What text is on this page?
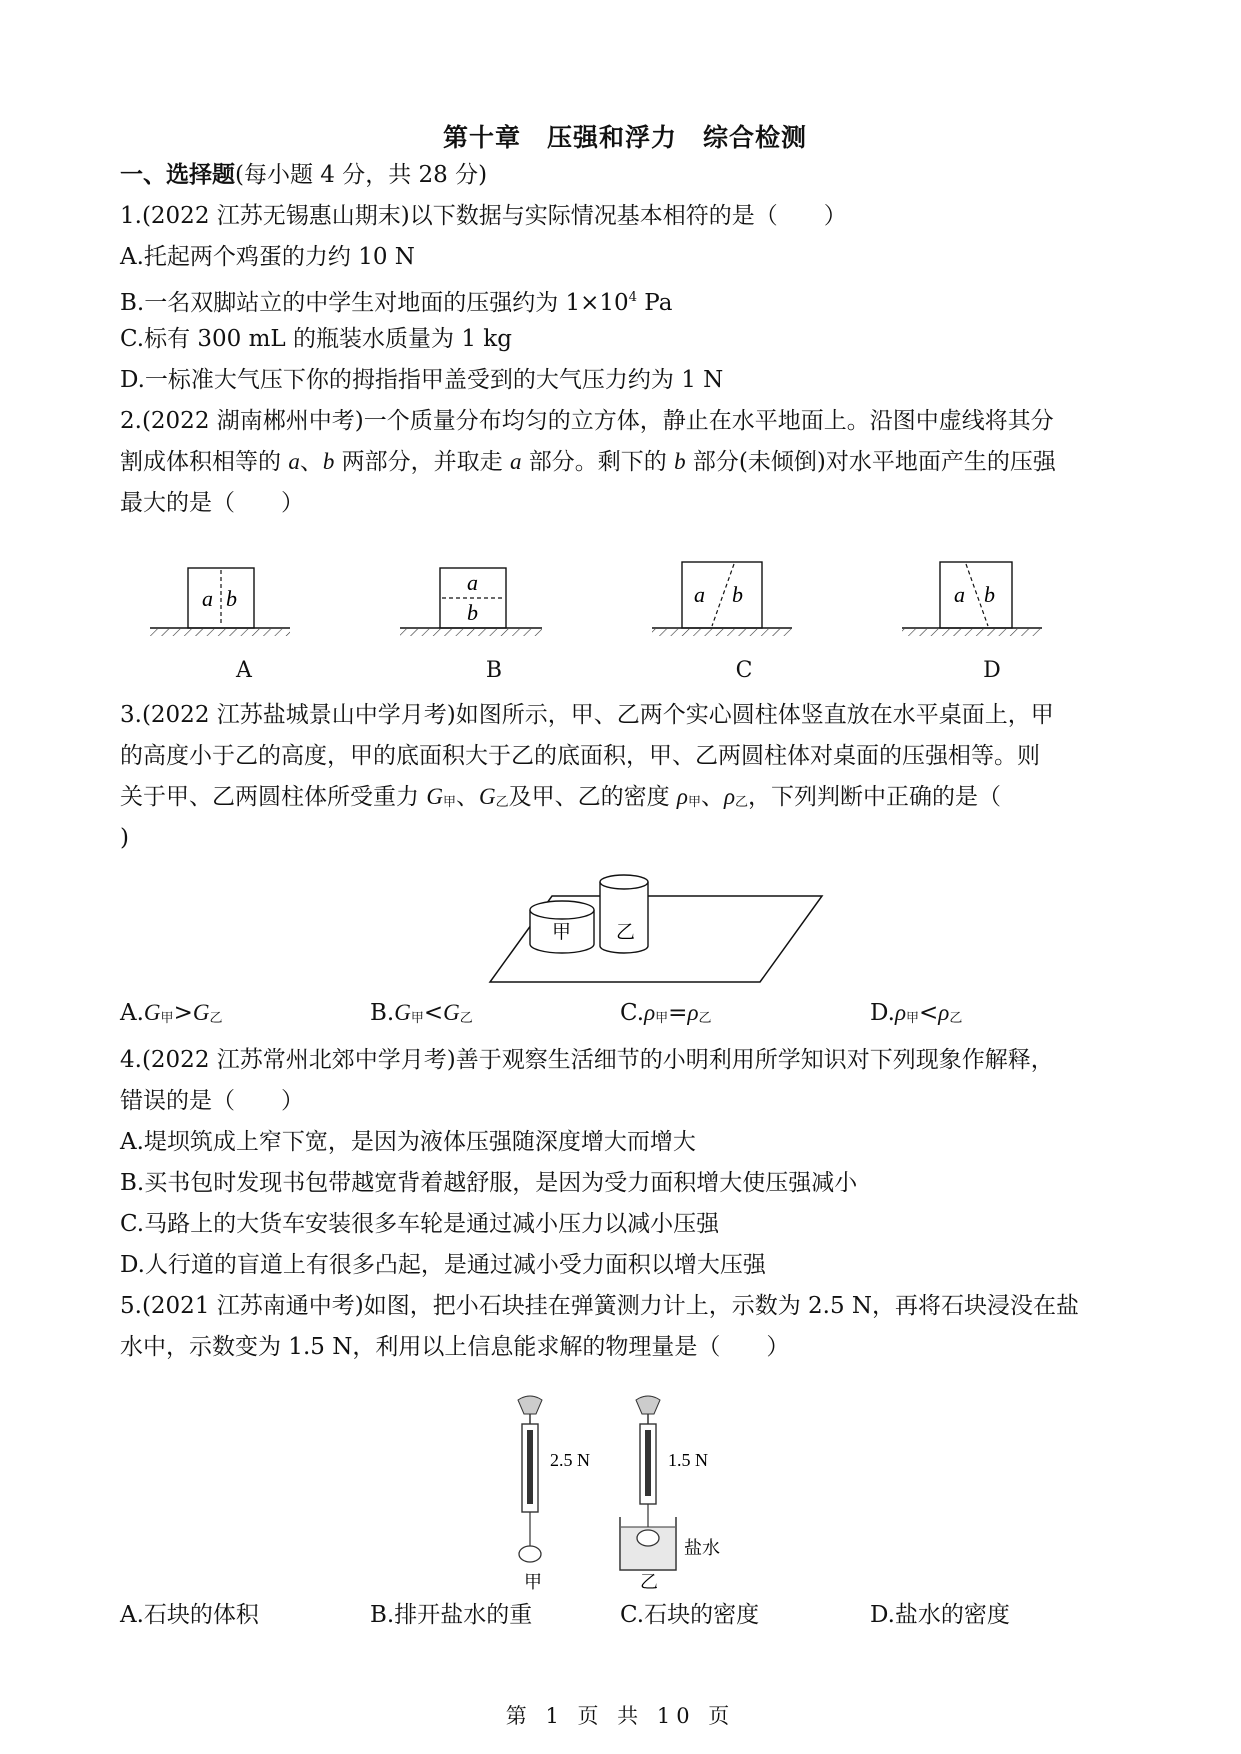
第十章　压强和浮力　综合检测
一、选择题(每小题 4 分，共 28 分)
1.(2022 江苏无锡惠山期末)以下数据与实际情况基本相符的是（　　）
A.托起两个鸡蛋的力约 10 N
B.一名双脚站立的中学生对地面的压强约为 $1\times 10^4$ Pa
C.标有 300 mL 的瓶装水质量为 1 kg
D.一标准大气压下你的拇指指甲盖受到的大气压力约为 1 N
2.(2022 湖南郴州中考)一个质量分布均匀的立方体，静止在水平地面上。沿图中虚线将其分
割成体积相等的 a、b 两部分，并取走 a 部分。剩下的 b 部分(未倾倒)对水平地面产生的压强
最大的是（　　）
a b
a
b
a b	a b
A	B	C	D
3.(2022 江苏盐城景山中学月考)如图所示，甲、乙两个实心圆柱体竖直放在水平桌面上，甲
的高度小于乙的高度，甲的底面积大于乙的底面积，甲、乙两圆柱体对桌面的压强相等。则
关于甲、乙两圆柱体所受重力 $G_甲$、$G_乙$及甲、乙的密度 $\rho_甲$、$\rho_乙$，下列判断中正确的是（
)
甲 乙
$A.G_甲>G_乙$	$B.G_甲<G_乙$	$C.\rho_甲=\rho_乙$	$D.\rho_甲<\rho_乙$
4.(2022 江苏常州北郊中学月考)善于观察生活细节的小明利用所学知识对下列现象作解释，
错误的是（　　）
A.堤坝筑成上窄下宽，是因为液体压强随深度增大而增大
B.买书包时发现书包带越宽背着越舒服，是因为受力面积增大使压强减小
C.马路上的大货车安装很多车轮是通过减小压力以减小压强
D.人行道的盲道上有很多凸起，是通过减小受力面积以增大压强
5.(2021 江苏南通中考)如图，把小石块挂在弹簧测力计上，示数为 2.5 N，再将石块浸没在盐
水中，示数变为 1.5 N，利用以上信息能求解的物理量是（　　）
2.5 N
甲
1.5 N
盐水
乙
A.石块的体积	B.排开盐水的重	C.石块的密度	D.盐水的密度
第 1 页 共 10 页
